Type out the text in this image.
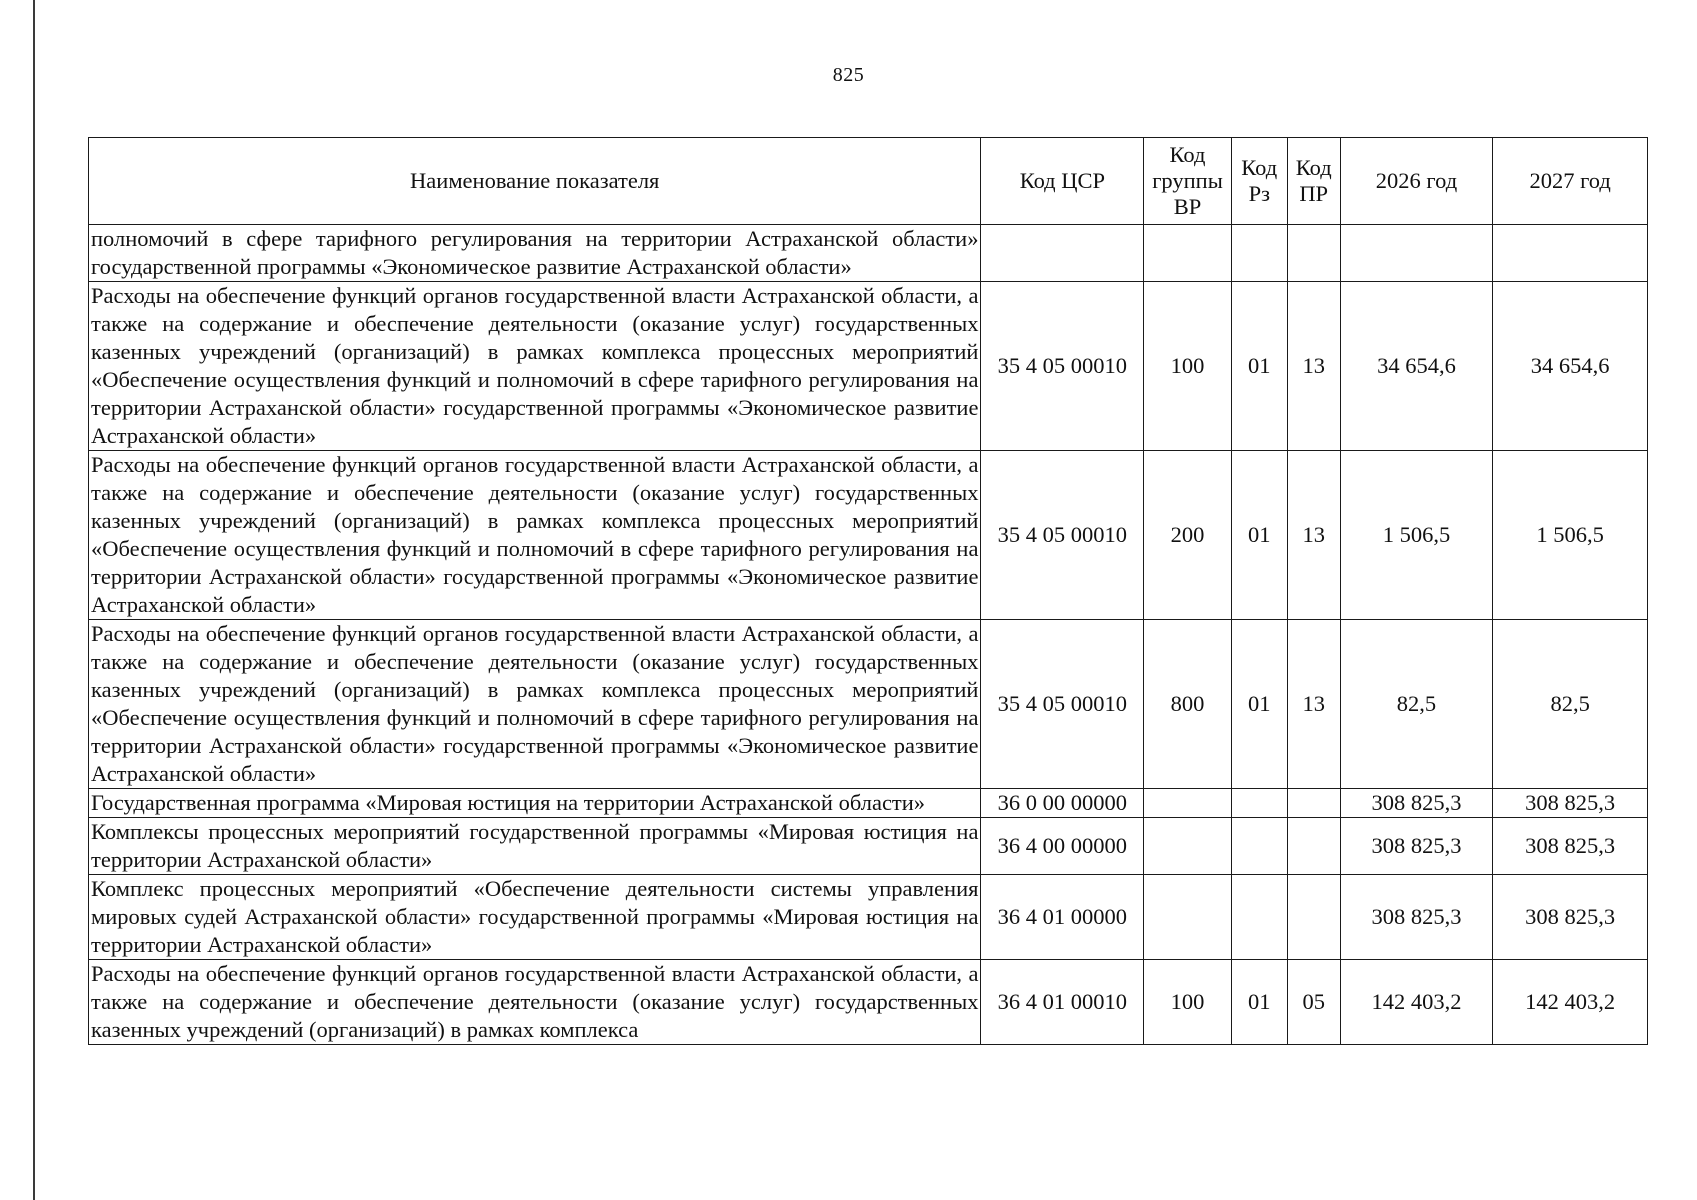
825
Наименование показателя	Код ЦСР	Код группы ВР	Код Рз	Код ПР	2026 год	2027 год
полномочий в сфере тарифного регулирования на территории Астраханской области» государственной программы «Экономическое развитие Астраханской области»						
Расходы на обеспечение функций органов государственной власти Астраханской области, а также на содержание и обеспечение деятельности (оказание услуг) государственных казенных учреждений (организаций) в рамках комплекса процессных мероприятий «Обеспечение осуществления функций и полномочий в сфере тарифного регулирования на территории Астраханской области» государственной программы «Экономическое развитие Астраханской области»	35 4 05 00010	100	01	13	34 654,6	34 654,6
Расходы на обеспечение функций органов государственной власти Астраханской области, а также на содержание и обеспечение деятельности (оказание услуг) государственных казенных учреждений (организаций) в рамках комплекса процессных мероприятий «Обеспечение осуществления функций и полномочий в сфере тарифного регулирования на территории Астраханской области» государственной программы «Экономическое развитие Астраханской области»	35 4 05 00010	200	01	13	1 506,5	1 506,5
Расходы на обеспечение функций органов государственной власти Астраханской области, а также на содержание и обеспечение деятельности (оказание услуг) государственных казенных учреждений (организаций) в рамках комплекса процессных мероприятий «Обеспечение осуществления функций и полномочий в сфере тарифного регулирования на территории Астраханской области» государственной программы «Экономическое развитие Астраханской области»	35 4 05 00010	800	01	13	82,5	82,5
Государственная программа «Мировая юстиция на территории Астраханской области»	36 0 00 00000				308 825,3	308 825,3
Комплексы процессных мероприятий государственной программы «Мировая юстиция на территории Астраханской области»	36 4 00 00000				308 825,3	308 825,3
Комплекс процессных мероприятий «Обеспечение деятельности системы управления мировых судей Астраханской области» государственной программы «Мировая юстиция на территории Астраханской области»	36 4 01 00000				308 825,3	308 825,3
Расходы на обеспечение функций органов государственной власти Астраханской области, а также на содержание и обеспечение деятельности (оказание услуг) государственных казенных учреждений (организаций) в рамках комплекса	36 4 01 00010	100	01	05	142 403,2	142 403,2
